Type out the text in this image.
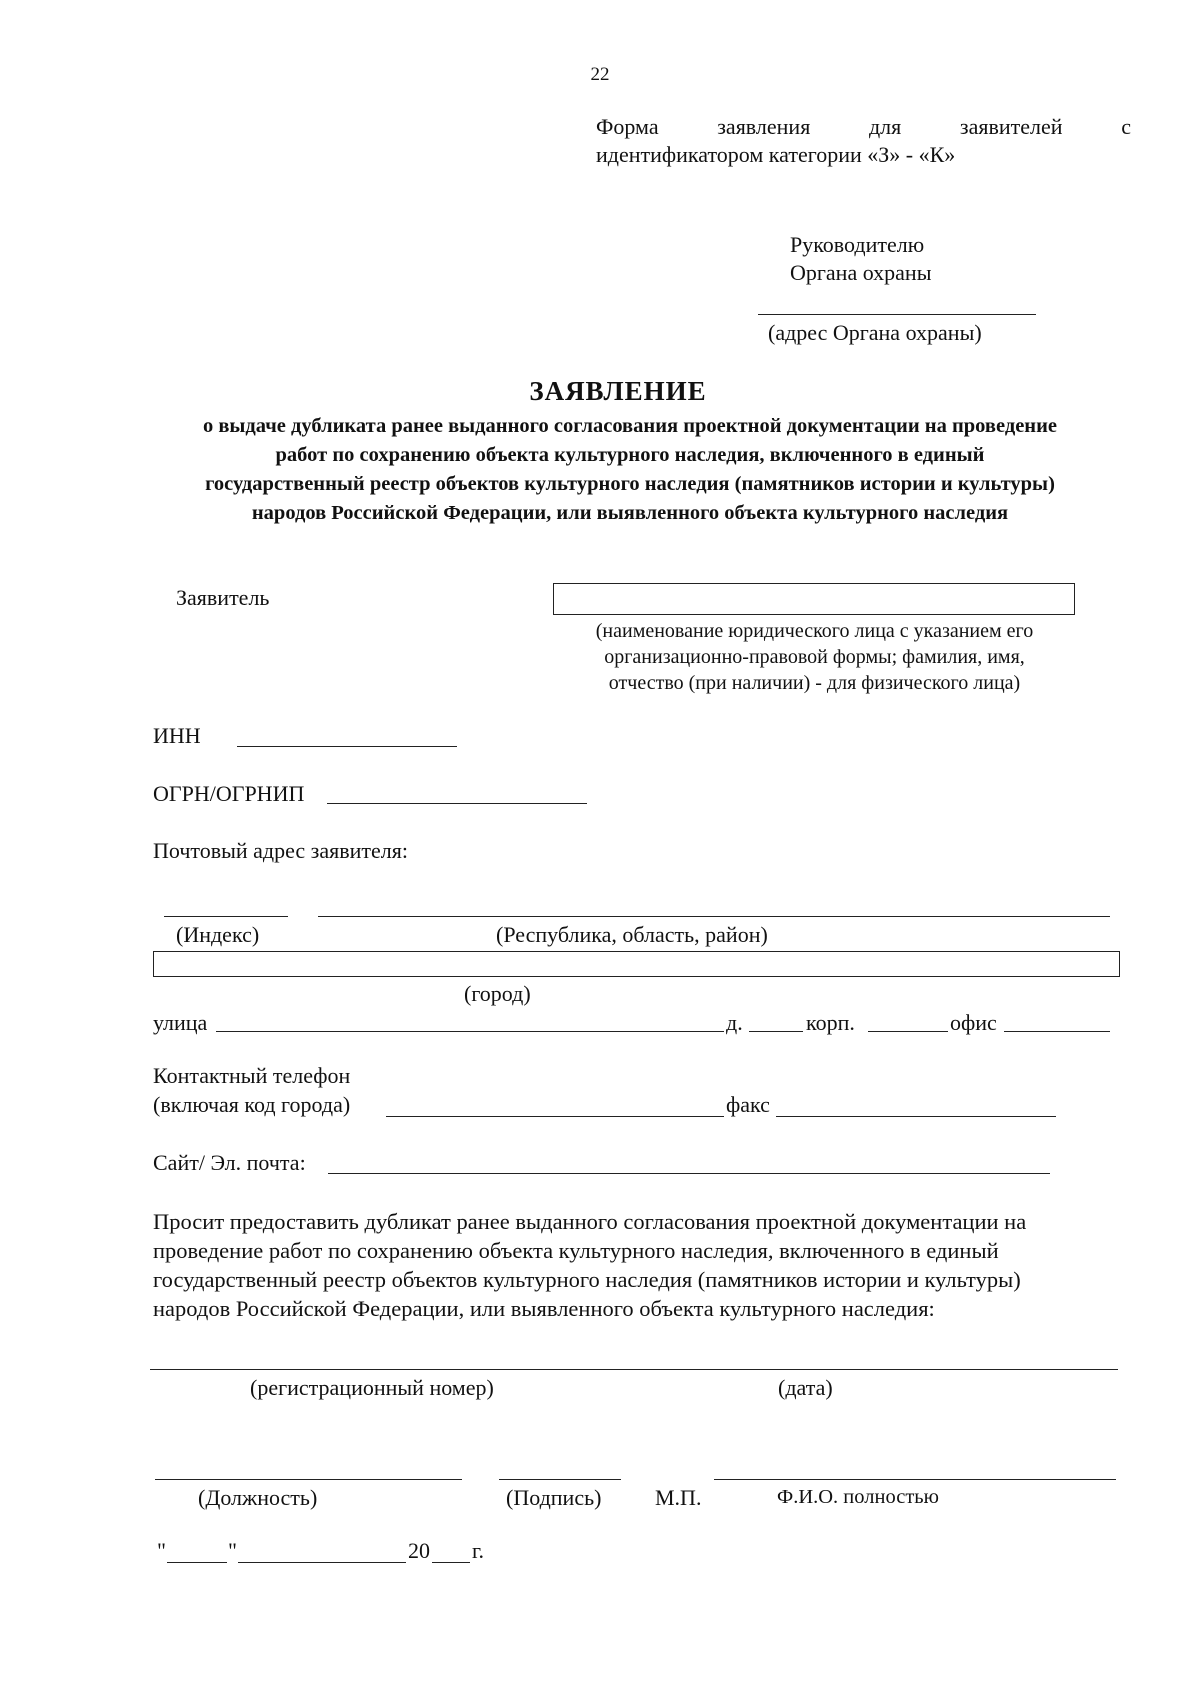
22
Форма	заявления	для	заявителей	с
идентификатором категории «З» - «К»
Руководителю
Органа охраны
(адрес Органа охраны)
ЗАЯВЛЕНИЕ
о выдаче дубликата ранее выданного согласования проектной документации на проведение
работ по сохранению объекта культурного наследия, включенного в единый
государственный реестр объектов культурного наследия (памятников истории и культуры)
народов Российской Федерации, или выявленного объекта культурного наследия
Заявитель
(наименование юридического лица с указанием его
организационно-правовой формы; фамилия, имя,
отчество (при наличии) - для физического лица)
ИНН
ОГРН/ОГРНИП
Почтовый адрес заявителя:
(Индекс)	(Республика, область, район)
(город)
улица	д.	корп.	офис
Контактный телефон
(включая код города)	факс
Сайт/ Эл. почта:
Просит предоставить дубликат ранее выданного согласования проектной документации на
проведение работ по сохранению объекта культурного наследия, включенного в единый
государственный реестр объектов культурного наследия (памятников истории и культуры)
народов Российской Федерации, или выявленного объекта культурного наследия:
(регистрационный номер)	(дата)
(Должность)	(Подпись) М.П.	Ф.И.О. полностью
"	"	20 г.
